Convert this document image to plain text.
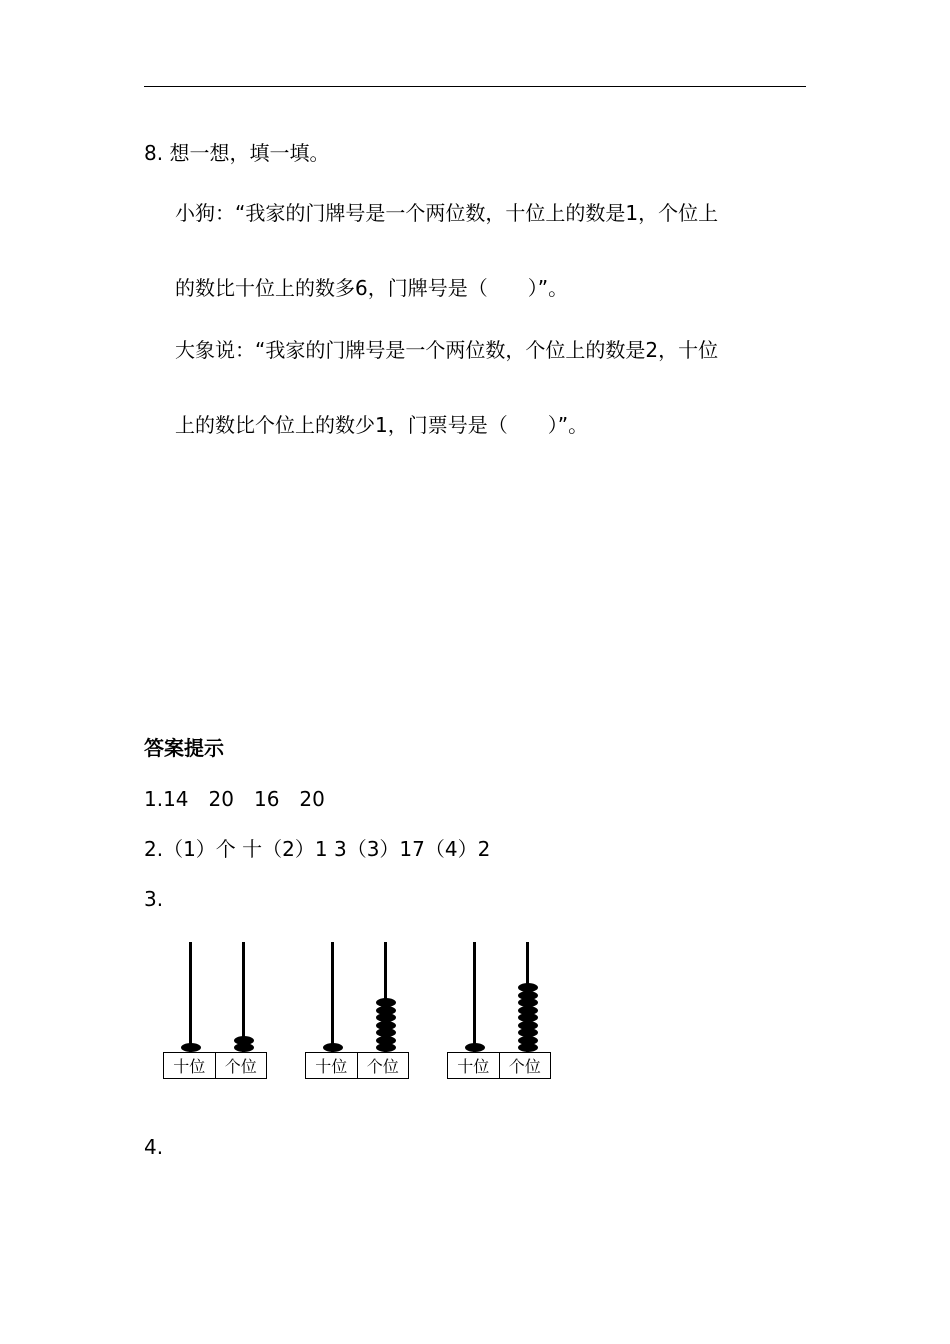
8. 想一想，填一填。
小狗：“我家的门牌号是一个两位数，十位上的数是1，个位上
的数比十位上的数多6，门牌号是（　　）”。
大象说：“我家的门牌号是一个两位数，个位上的数是2，十位
上的数比个位上的数少1，门票号是（　　）”。
答案提示
1.14　20　16　20
2.（1）个 十（2）1 3（3）17（4）2
3.
十位	个位	十位	个位	十位	个位
4.
